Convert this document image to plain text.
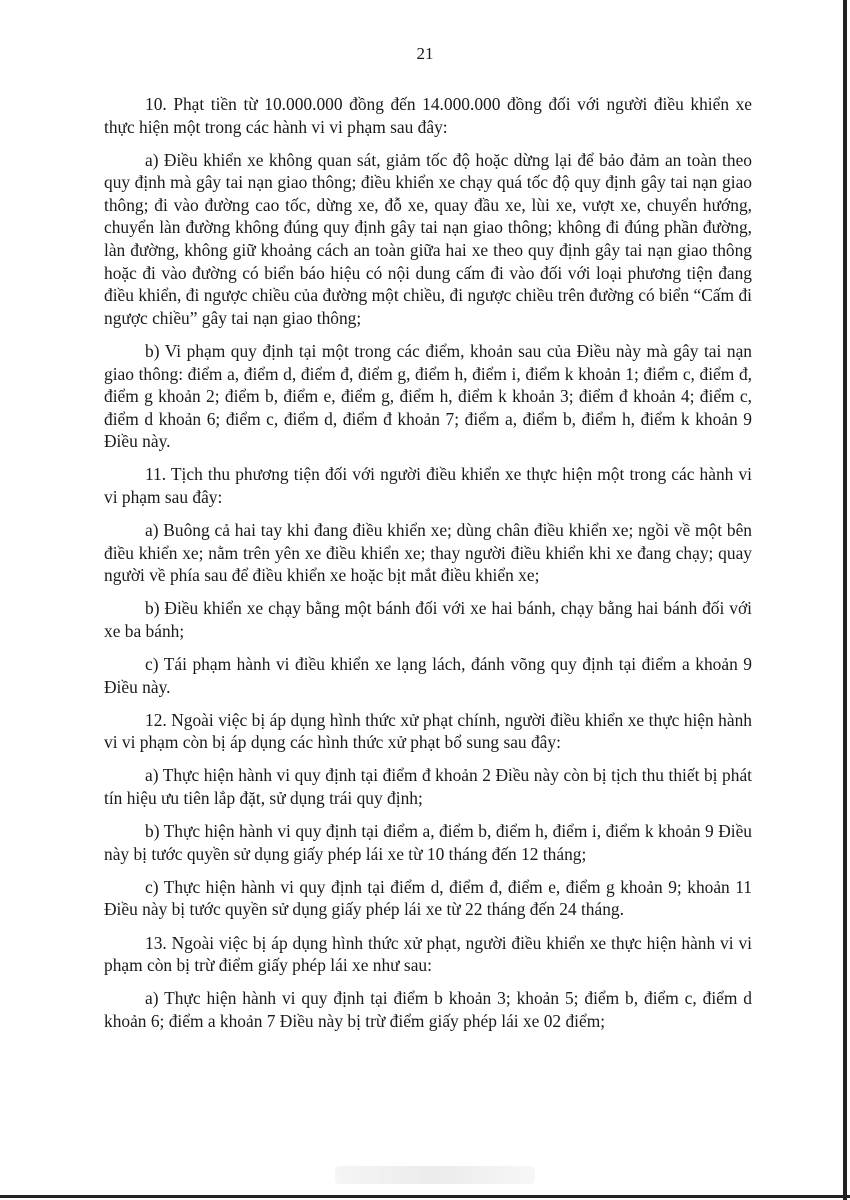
21

10. Phạt tiền từ 10.000.000 đồng đến 14.000.000 đồng đối với người điều khiển xe thực hiện một trong các hành vi vi phạm sau đây:

a) Điều khiển xe không quan sát, giảm tốc độ hoặc dừng lại để bảo đảm an toàn theo quy định mà gây tai nạn giao thông; điều khiển xe chạy quá tốc độ quy định gây tai nạn giao thông; đi vào đường cao tốc, dừng xe, đỗ xe, quay đầu xe, lùi xe, vượt xe, chuyển hướng, chuyển làn đường không đúng quy định gây tai nạn giao thông; không đi đúng phần đường, làn đường, không giữ khoảng cách an toàn giữa hai xe theo quy định gây tai nạn giao thông hoặc đi vào đường có biển báo hiệu có nội dung cấm đi vào đối với loại phương tiện đang điều khiển, đi ngược chiều của đường một chiều, đi ngược chiều trên đường có biển “Cấm đi ngược chiều” gây tai nạn giao thông;

b) Vi phạm quy định tại một trong các điểm, khoản sau của Điều này mà gây tai nạn giao thông: điểm a, điểm d, điểm đ, điểm g, điểm h, điểm i, điểm k khoản 1; điểm c, điểm đ, điểm g khoản 2; điểm b, điểm e, điểm g, điểm h, điểm k khoản 3; điểm đ khoản 4; điểm c, điểm d khoản 6; điểm c, điểm d, điểm đ khoản 7; điểm a, điểm b, điểm h, điểm k khoản 9 Điều này.

11. Tịch thu phương tiện đối với người điều khiển xe thực hiện một trong các hành vi vi phạm sau đây:

a) Buông cả hai tay khi đang điều khiển xe; dùng chân điều khiển xe; ngồi về một bên điều khiển xe; nằm trên yên xe điều khiển xe; thay người điều khiển khi xe đang chạy; quay người về phía sau để điều khiển xe hoặc bịt mắt điều khiển xe;

b) Điều khiển xe chạy bằng một bánh đối với xe hai bánh, chạy bằng hai bánh đối với xe ba bánh;

c) Tái phạm hành vi điều khiển xe lạng lách, đánh võng quy định tại điểm a khoản 9 Điều này.

12. Ngoài việc bị áp dụng hình thức xử phạt chính, người điều khiển xe thực hiện hành vi vi phạm còn bị áp dụng các hình thức xử phạt bổ sung sau đây:

a) Thực hiện hành vi quy định tại điểm đ khoản 2 Điều này còn bị tịch thu thiết bị phát tín hiệu ưu tiên lắp đặt, sử dụng trái quy định;

b) Thực hiện hành vi quy định tại điểm a, điểm b, điểm h, điểm i, điểm k khoản 9 Điều này bị tước quyền sử dụng giấy phép lái xe từ 10 tháng đến 12 tháng;

c) Thực hiện hành vi quy định tại điểm d, điểm đ, điểm e, điểm g khoản 9; khoản 11 Điều này bị tước quyền sử dụng giấy phép lái xe từ 22 tháng đến 24 tháng.

13. Ngoài việc bị áp dụng hình thức xử phạt, người điều khiển xe thực hiện hành vi vi phạm còn bị trừ điểm giấy phép lái xe như sau:

a) Thực hiện hành vi quy định tại điểm b khoản 3; khoản 5; điểm b, điểm c, điểm d khoản 6; điểm a khoản 7 Điều này bị trừ điểm giấy phép lái xe 02 điểm;
